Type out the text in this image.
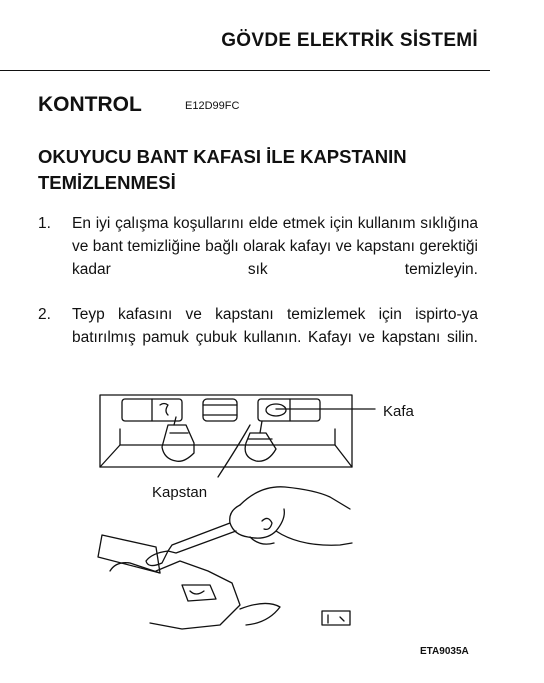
GÖVDE ELEKTRİK SİSTEMİ
KONTROL	E12D99FC
OKUYUCU BANT KAFASI İLE KAPSTANIN TEMİZLENMESİ
1. En iyi çalışma koşullarını elde etmek için kullanım sıklığına ve bant temizliğine bağlı olarak kafayı ve kapstanı gerektiği kadar sık temizleyin.
2. Teyp kafasını ve kapstanı temizlemek için ispirto-ya batırılmış pamuk çubuk kullanın. Kafayı ve kapstanı silin.
Kafa
Kapstan
ETA9035A
